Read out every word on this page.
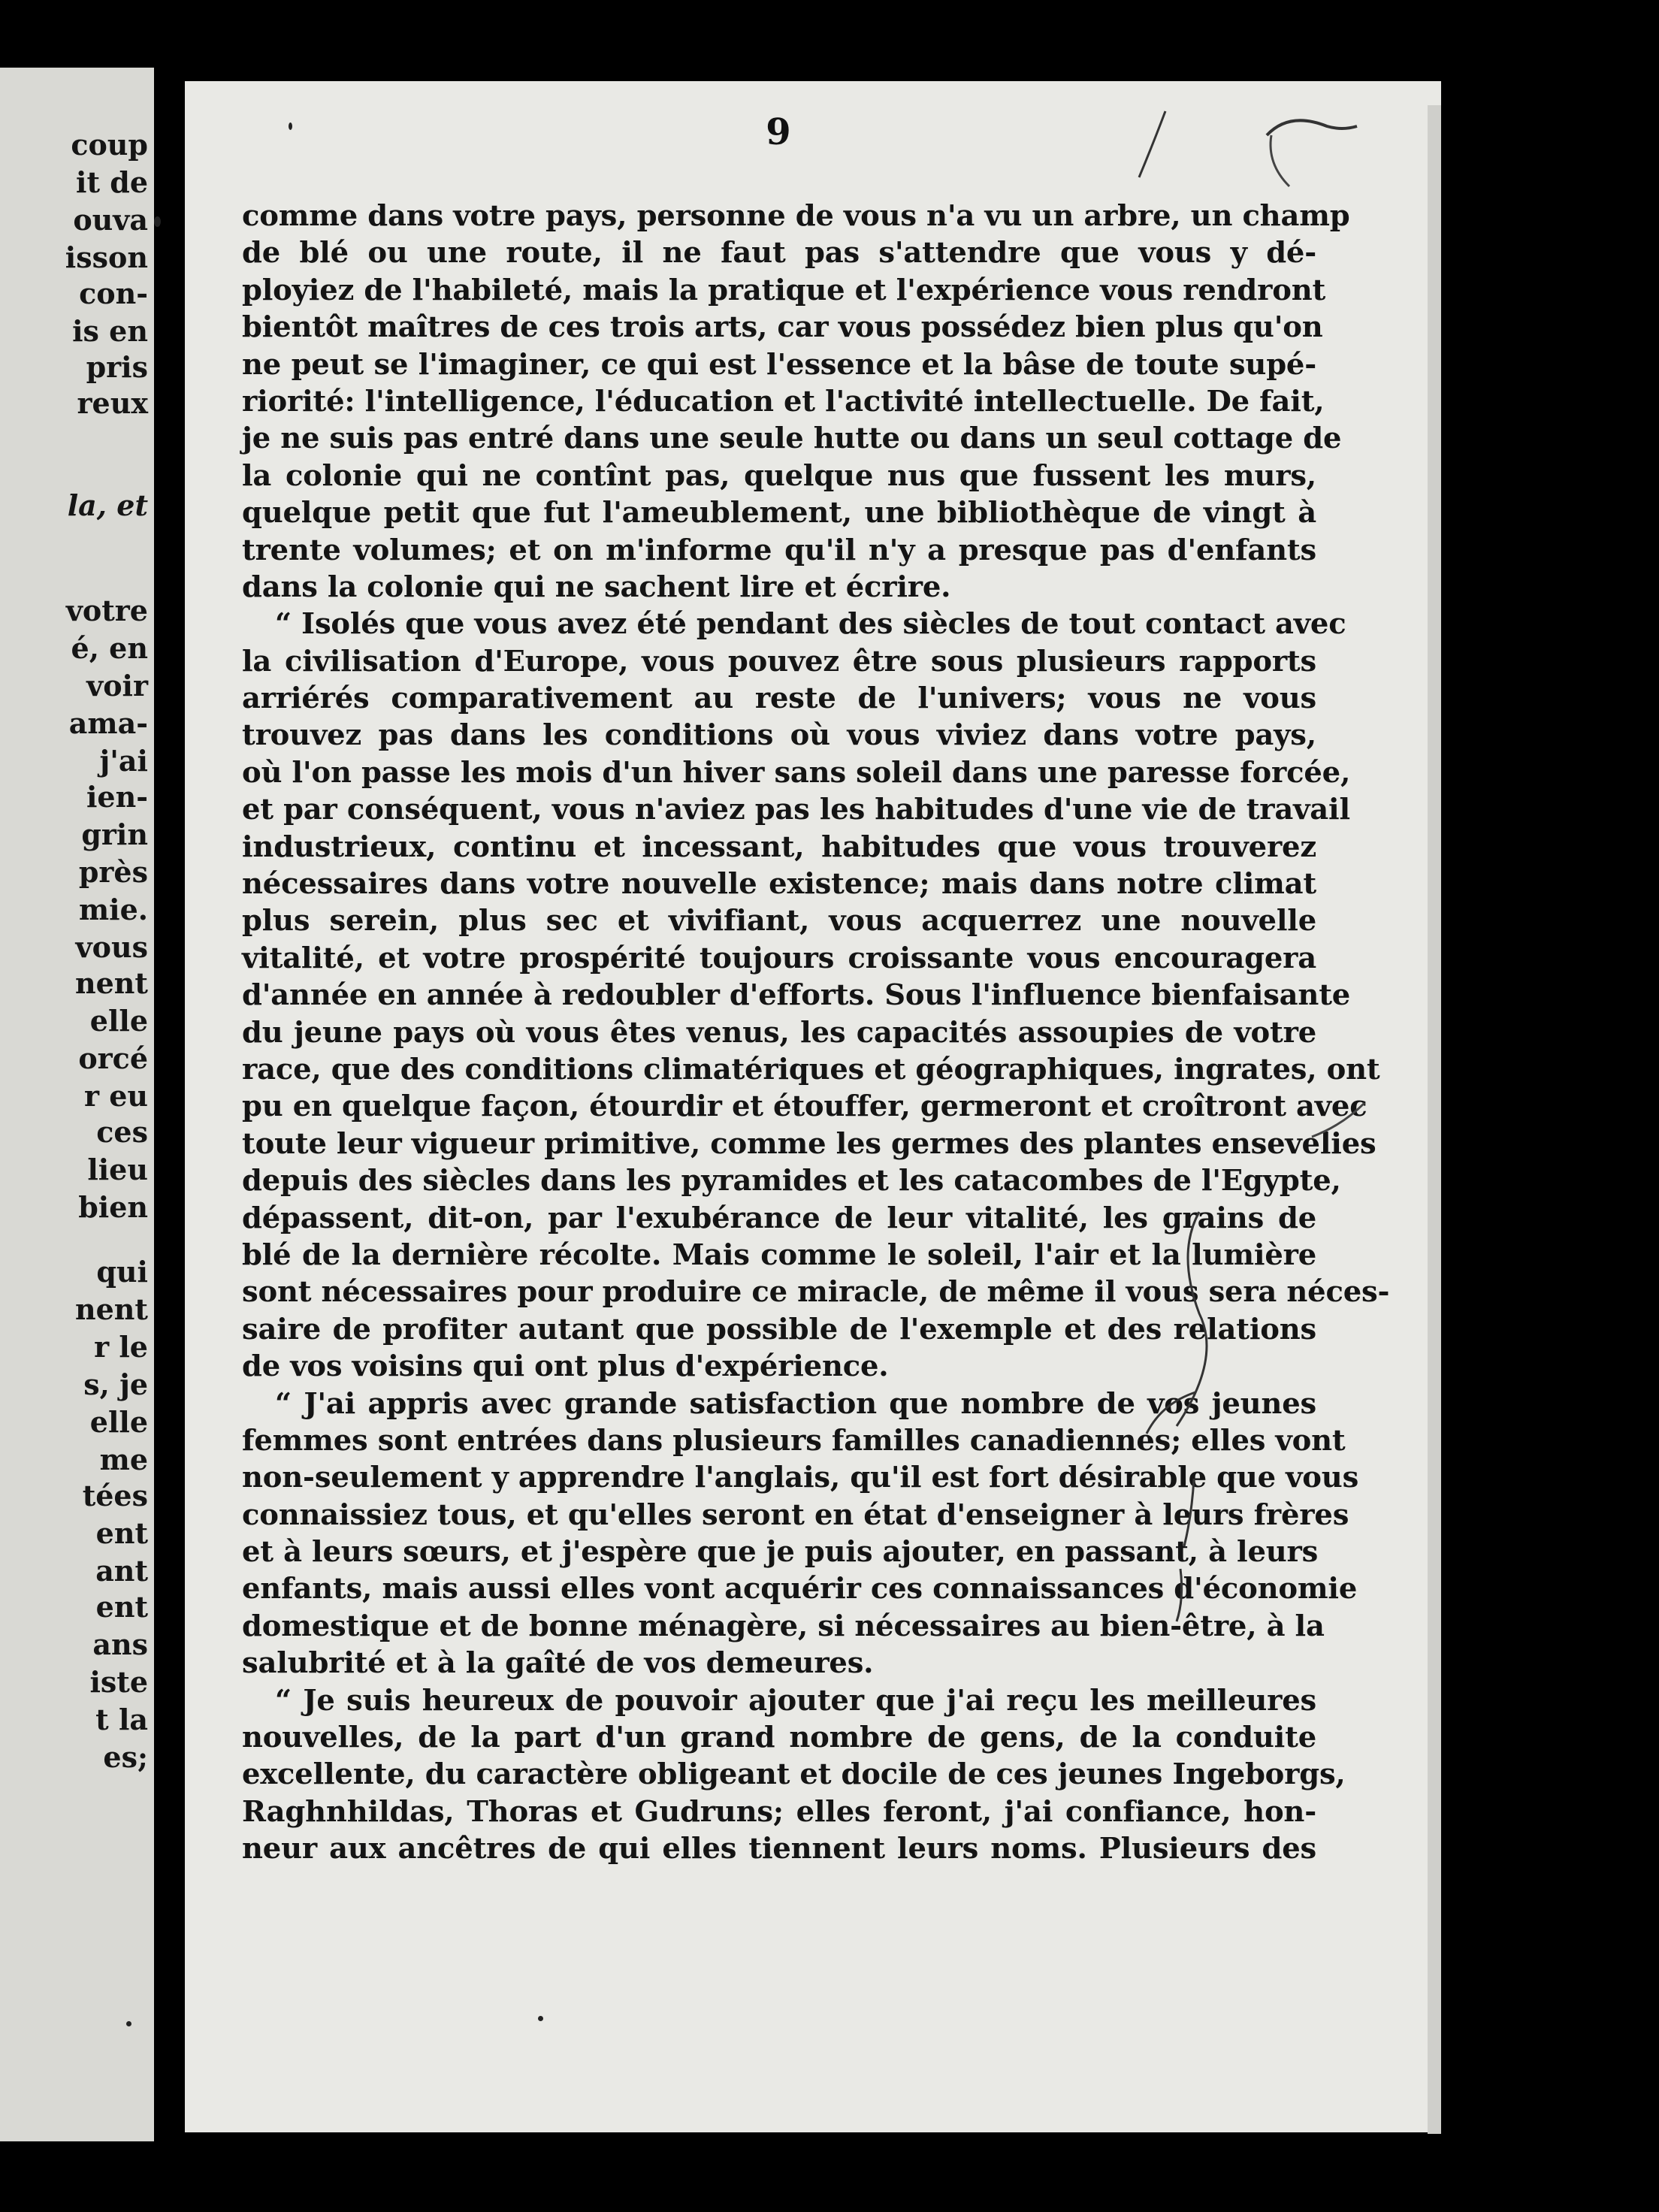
coup
it de
ouva
isson
con-
is en
pris
reux
la, et
votre
é, en
voir
ama-
j'ai
ien-
grin
près
mie.
vous
nent
elle
orcé
r eu
ces
lieu
bien
qui
nent
r le
s, je
elle
me
tées
ent
ant
ent
ans
iste
t la
es;
9
comme dans votre pays, personne de vous n'a vu un arbre, un champ
de blé ou une route, il ne faut pas s'attendre que vous y dé-
ployiez de l'habileté, mais la pratique et l'expérience vous rendront
bientôt maîtres de ces trois arts, car vous possédez bien plus qu'on
ne peut se l'imaginer, ce qui est l'essence et la bâse de toute supé-
riorité: l'intelligence, l'éducation et l'activité intellectuelle. De fait,
je ne suis pas entré dans une seule hutte ou dans un seul cottage de
la colonie qui ne contînt pas, quelque nus que fussent les murs,
quelque petit que fut l'ameublement, une bibliothèque de vingt à
trente volumes; et on m'informe qu'il n'y a presque pas d'enfants
dans la colonie qui ne sachent lire et écrire.
“ Isolés que vous avez été pendant des siècles de tout contact avec
la civilisation d'Europe, vous pouvez être sous plusieurs rapports
arriérés comparativement au reste de l'univers; vous ne vous
trouvez pas dans les conditions où vous viviez dans votre pays,
où l'on passe les mois d'un hiver sans soleil dans une paresse forcée,
et par conséquent, vous n'aviez pas les habitudes d'une vie de travail
industrieux, continu et incessant, habitudes que vous trouverez
nécessaires dans votre nouvelle existence; mais dans notre climat
plus serein, plus sec et vivifiant, vous acquerrez une nouvelle
vitalité, et votre prospérité toujours croissante vous encouragera
d'année en année à redoubler d'efforts. Sous l'influence bienfaisante
du jeune pays où vous êtes venus, les capacités assoupies de votre
race, que des conditions climatériques et géographiques, ingrates, ont
pu en quelque façon, étourdir et étouffer, germeront et croîtront avec
toute leur vigueur primitive, comme les germes des plantes ensevelies
depuis des siècles dans les pyramides et les catacombes de l'Egypte,
dépassent, dit-on, par l'exubérance de leur vitalité, les grains de
blé de la dernière récolte. Mais comme le soleil, l'air et la lumière
sont nécessaires pour produire ce miracle, de même il vous sera néces-
saire de profiter autant que possible de l'exemple et des relations
de vos voisins qui ont plus d'expérience.
“ J'ai appris avec grande satisfaction que nombre de vos jeunes
femmes sont entrées dans plusieurs familles canadiennes; elles vont
non-seulement y apprendre l'anglais, qu'il est fort désirable que vous
connaissiez tous, et qu'elles seront en état d'enseigner à leurs frères
et à leurs sœurs, et j'espère que je puis ajouter, en passant, à leurs
enfants, mais aussi elles vont acquérir ces connaissances d'économie
domestique et de bonne ménagère, si nécessaires au bien-être, à la
salubrité et à la gaîté de vos demeures.
“ Je suis heureux de pouvoir ajouter que j'ai reçu les meilleures
nouvelles, de la part d'un grand nombre de gens, de la conduite
excellente, du caractère obligeant et docile de ces jeunes Ingeborgs,
Raghnhildas, Thoras et Gudruns; elles feront, j'ai confiance, hon-
neur aux ancêtres de qui elles tiennent leurs noms. Plusieurs des
